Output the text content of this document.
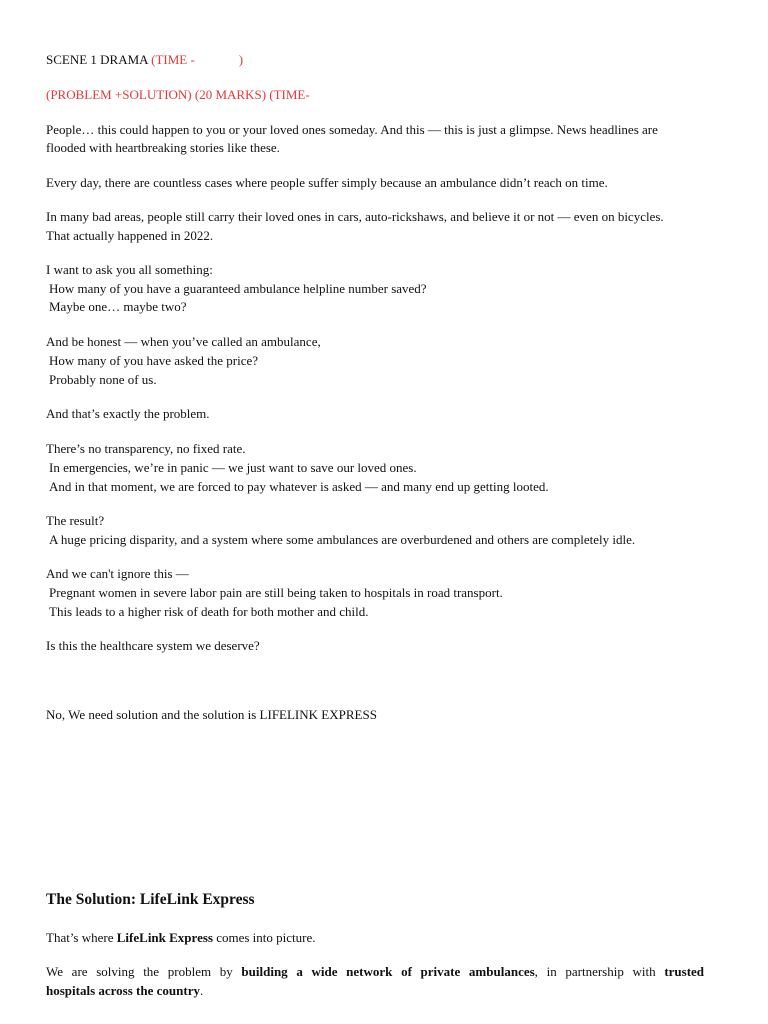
SCENE 1 DRAMA (TIME -	)
(PROBLEM +SOLUTION) (20 MARKS) (TIME-
People… this could happen to you or your loved ones someday. And this — this is just a glimpse. News headlines are
flooded with heartbreaking stories like these.
Every day, there are countless cases where people suffer simply because an ambulance didn’t reach on time.
In many bad areas, people still carry their loved ones in cars, auto-rickshaws, and believe it or not — even on bicycles.
That actually happened in 2022.
I want to ask you all something:
How many of you have a guaranteed ambulance helpline number saved?
Maybe one… maybe two?
And be honest — when you’ve called an ambulance,
How many of you have asked the price?
Probably none of us.
And that’s exactly the problem.
There’s no transparency, no fixed rate.
In emergencies, we’re in panic — we just want to save our loved ones.
And in that moment, we are forced to pay whatever is asked — and many end up getting looted.
The result?
A huge pricing disparity, and a system where some ambulances are overburdened and others are completely idle.
And we can't ignore this —
Pregnant women in severe labor pain are still being taken to hospitals in road transport.
This leads to a higher risk of death for both mother and child.
Is this the healthcare system we deserve?
No, We need solution and the solution is LIFELINK EXPRESS
The Solution: LifeLink Express
That’s where LifeLink Express comes into picture.
We are solving the problem by building a wide network of private ambulances, in partnership with trusted
hospitals across the country.
